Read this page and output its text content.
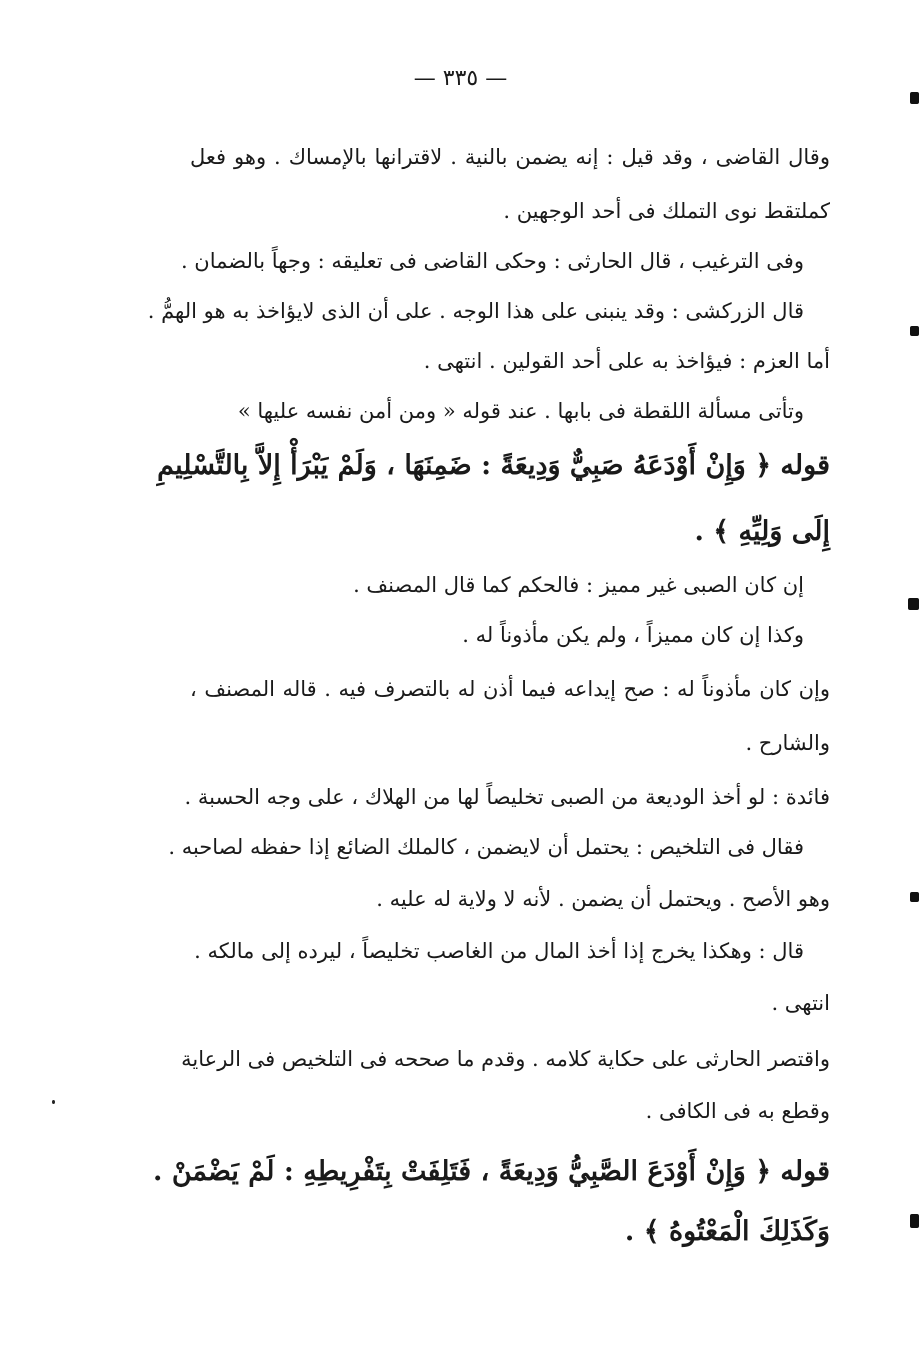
— ٣٣٥ —
وقال القاضى ، وقد قيل : إنه يضمن بالنية . لاقترانها بالإمساك . وهو فعل
كملتقط نوى التملك فى أحد الوجهين .
وفى الترغيب ، قال الحارثى : وحكى القاضى فى تعليقه : وجهاً بالضمان .
قال الزركشى : وقد ينبنى على هذا الوجه . على أن الذى لايؤاخذ به هو الهمُّ .
أما العزم : فيؤاخذ به على أحد القولين . انتهى .
وتأتى مسألة اللقطة فى بابها . عند قوله « ومن أمن نفسه عليها »
قوله ﴿ وَإِنْ أَوْدَعَهُ صَبِيٌّ وَدِيعَةً : ضَمِنَهَا ، وَلَمْ يَبْرَأْ إِلاَّ بِالتَّسْلِيمِ
إِلَى وَلِيِّهِ ﴾ .
إن كان الصبى غير مميز : فالحكم كما قال المصنف .
وكذا إن كان مميزاً ، ولم يكن مأذوناً له .
وإن كان مأذوناً له : صح إيداعه فيما أذن له بالتصرف فيه . قاله المصنف ،
والشارح .
فائدة : لو أخذ الوديعة من الصبى تخليصاً لها من الهلاك ، على وجه الحسبة .
فقال فى التلخيص : يحتمل أن لايضمن ، كالملك الضائع إذا حفظه لصاحبه .
وهو الأصح . ويحتمل أن يضمن . لأنه لا ولاية له عليه .
قال : وهكذا يخرج إذا أخذ المال من الغاصب تخليصاً ، ليرده إلى مالكه .
انتهى .
واقتصر الحارثى على حكاية كلامه . وقدم ما صححه فى التلخيص فى الرعاية
وقطع به فى الكافى .
قوله ﴿ وَإِنْ أَوْدَعَ الصَّبِيُّ وَدِيعَةً ، فَتَلِفَتْ بِتَفْرِيطِهِ : لَمْ يَضْمَنْ .
وَكَذَلِكَ الْمَعْتُوهُ ﴾ .
